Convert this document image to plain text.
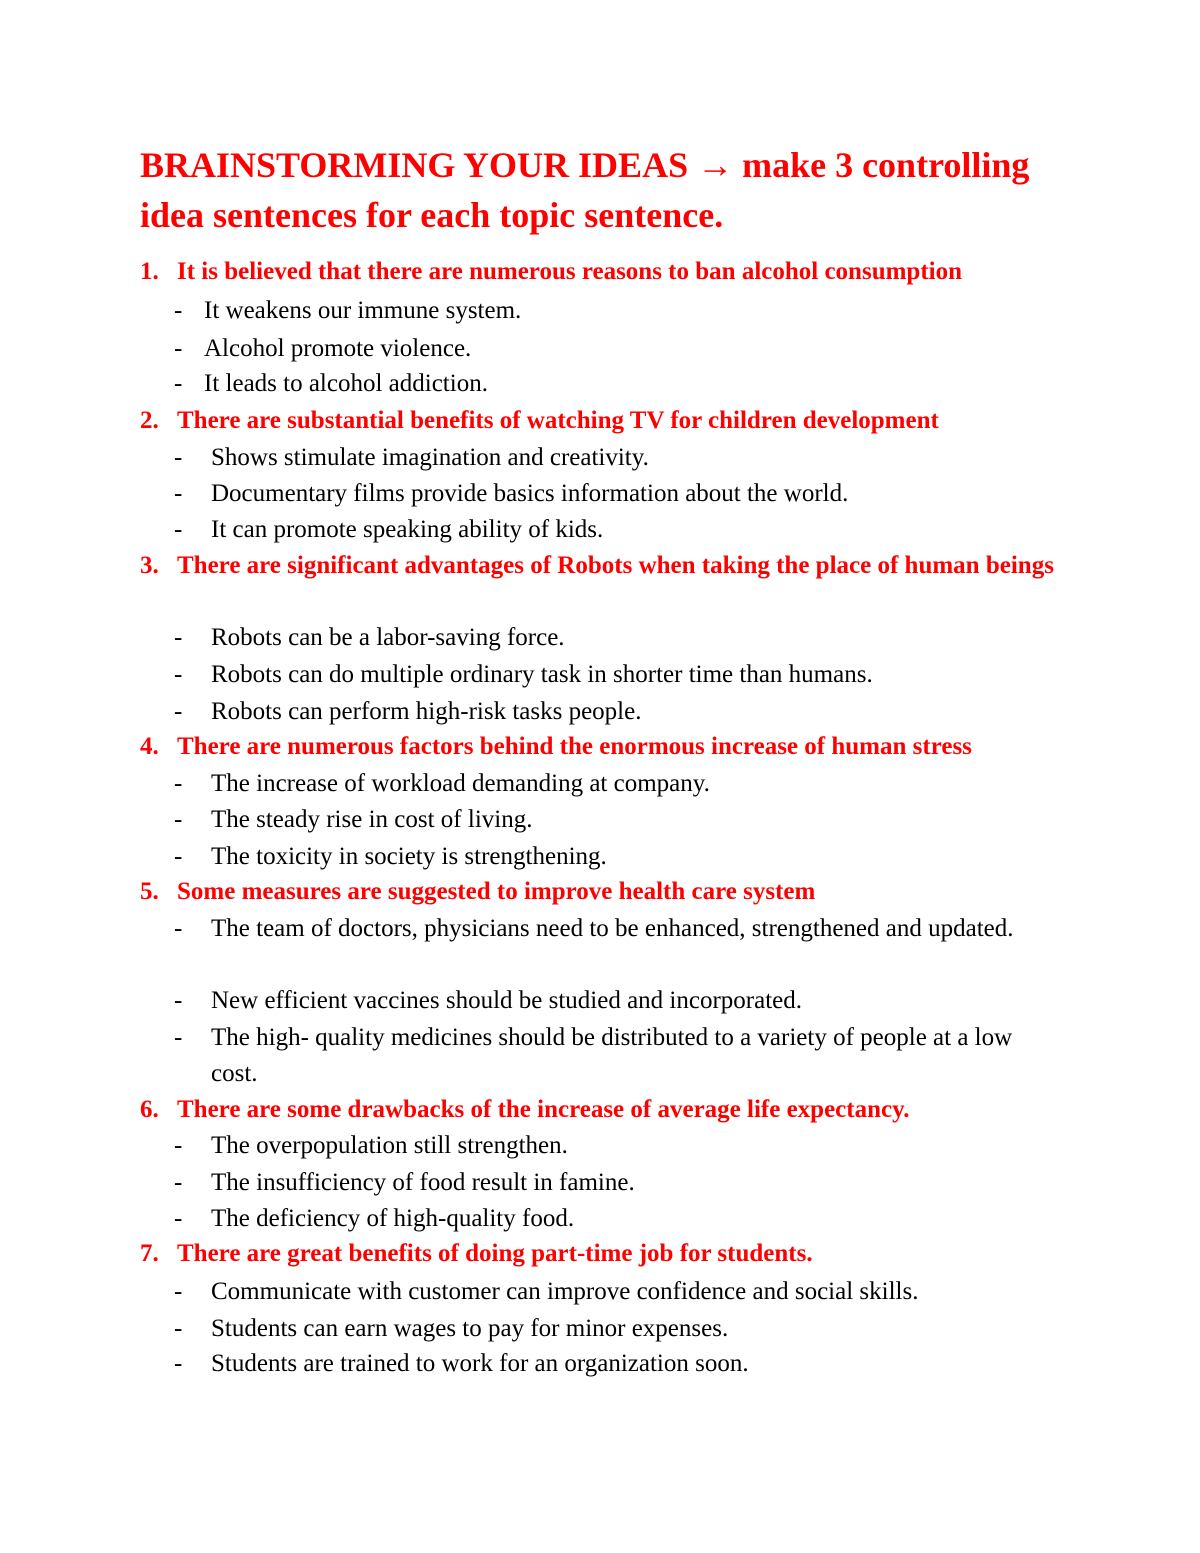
BRAINSTORMING YOUR IDEAS → make 3 controlling idea sentences for each topic sentence.
1. It is believed that there are numerous reasons to ban alcohol consumption
- It weakens our immune system.
- Alcohol promote violence.
- It leads to alcohol addiction.
2. There are substantial benefits of watching TV for children development
- Shows stimulate imagination and creativity.
- Documentary films provide basics information about the world.
- It can promote speaking ability of kids.
3. There are significant advantages of Robots when taking the place of human beings
- Robots can be a labor-saving force.
- Robots can do multiple ordinary task in shorter time than humans.
- Robots can perform high-risk tasks people.
4. There are numerous factors behind the enormous increase of human stress
- The increase of workload demanding at company.
- The steady rise in cost of living.
- The toxicity in society is strengthening.
5. Some measures are suggested to improve health care system
- The team of doctors, physicians need to be enhanced, strengthened and updated.
- New efficient vaccines should be studied and incorporated.
- The high- quality medicines should be distributed to a variety of people at a low cost.
6. There are some drawbacks of the increase of average life expectancy.
- The overpopulation still strengthen.
- The insufficiency of food result in famine.
- The deficiency of high-quality food.
7. There are great benefits of doing part-time job for students.
- Communicate with customer can improve confidence and social skills.
- Students can earn wages to pay for minor expenses.
- Students are trained to work for an organization soon.
